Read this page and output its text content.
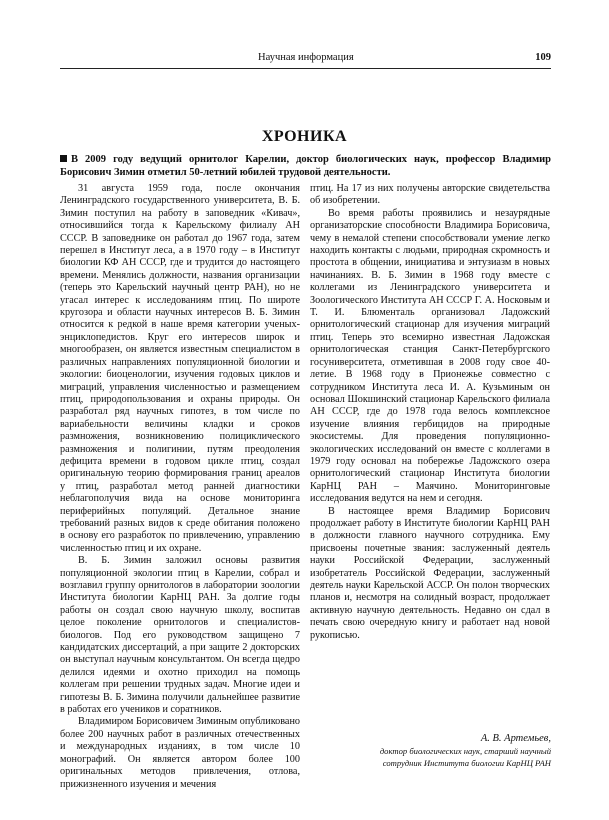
Научная информация	109
ХРОНИКА

В 2009 году ведущий орнитолог Карелии, доктор биологических наук, профессор Владимир Борисович Зимин отметил 50-летний юбилей трудовой деятельности.

31 августа 1959 года, после окончания Ленинградского государственного университета, В. Б. Зимин поступил на работу в заповедник «Кивач», относившийся тогда к Карельскому филиалу АН СССР. В заповеднике он работал до 1967 года, затем перешел в Институт леса, а в 1970 году – в Институт биологии КФ АН СССР, где и трудится до настоящего времени. Менялись должности, названия организации (теперь это Карельский научный центр РАН), но не угасал интерес к исследованиям птиц. По широте кругозора и области научных интересов В. Б. Зимин относится к редкой в наше время категории ученых-энциклопедистов. Круг его интересов широк и многообразен, он является известным специалистом в различных направлениях популяционной биологии и экологии: биоценологии, изучения годовых циклов и миграций, управления численностью и размещением птиц, природопользования и охраны природы. Он разработал ряд научных гипотез, в том числе по вариабельности величины кладки и сроков размножения, возникновению полициклического размножения и полигинии, путям преодоления дефицита времени в годовом цикле птиц, создал оригинальную теорию формирования границ ареалов у птиц, разработал метод ранней диагностики неблагополучия вида на основе мониторинга периферийных популяций. Детальное знание требований разных видов к среде обитания положено в основу его разработок по привлечению, управлению численностью птиц и их охране.

В. Б. Зимин заложил основы развития популяционной экологии птиц в Карелии, собрал и возглавил группу орнитологов в лаборатории зоологии Института биологии КарНЦ РАН. За долгие годы работы он создал свою научную школу, воспитав целое поколение орнитологов и специалистов-биологов. Под его руководством защищено 7 кандидатских диссертаций, а при защите 2 докторских он выступал научным консультантом. Он всегда щедро делился идеями и охотно приходил на помощь коллегам при решении трудных задач. Многие идеи и гипотезы В. Б. Зимина получили дальнейшее развитие в работах его учеников и соратников.

Владимиром Борисовичем Зиминым опубликовано более 200 научных работ в различных отечественных и международных изданиях, в том числе 10 монографий. Он является автором более 100 оригинальных методов привлечения, отлова, прижизненного изучения и мечения

птиц. На 17 из них получены авторские свидетельства об изобретении.

Во время работы проявились и незаурядные организаторские способности Владимира Борисовича, чему в немалой степени способствовали умение легко находить контакты с людьми, природная скромность и простота в общении, инициатива и энтузиазм в новых начинаниях. В. Б. Зимин в 1968 году вместе с коллегами из Ленинградского университета и Зоологического Института АН СССР Г. А. Носковым и Т. И. Блюменталь организовал Ладожский орнитологический стационар для изучения миграций птиц. Теперь это всемирно известная Ладожская орнитологическая станция Санкт-Петербургского госуниверситета, отметившая в 2008 году свое 40-летие. В 1968 году в Прионежье совместно с сотрудником Института леса И. А. Кузьминым он основал Шокшинский стационар Карельского филиала АН СССР, где до 1978 года велось комплексное изучение влияния гербицидов на природные экосистемы. Для проведения популяционно-экологических исследований он вместе с коллегами в 1979 году основал на побережье Ладожского озера орнитологический стационар Института биологии КарНЦ РАН – Маячино. Мониторинговые исследования ведутся на нем и сегодня.

В настоящее время Владимир Борисович продолжает работу в Институте биологии КарНЦ РАН в должности главного научного сотрудника. Ему присвоены почетные звания: заслуженный деятель науки Российской Федерации, заслуженный изобретатель Российской Федерации, заслуженный деятель науки Карельской АССР. Он полон творческих планов и, несмотря на солидный возраст, продолжает активную научную деятельность. Недавно он сдал в печать свою очередную книгу и работает над новой рукописью.

А. В. Артемьев,
доктор биологических наук, старший научный
сотрудник Института биологии КарНЦ РАН
